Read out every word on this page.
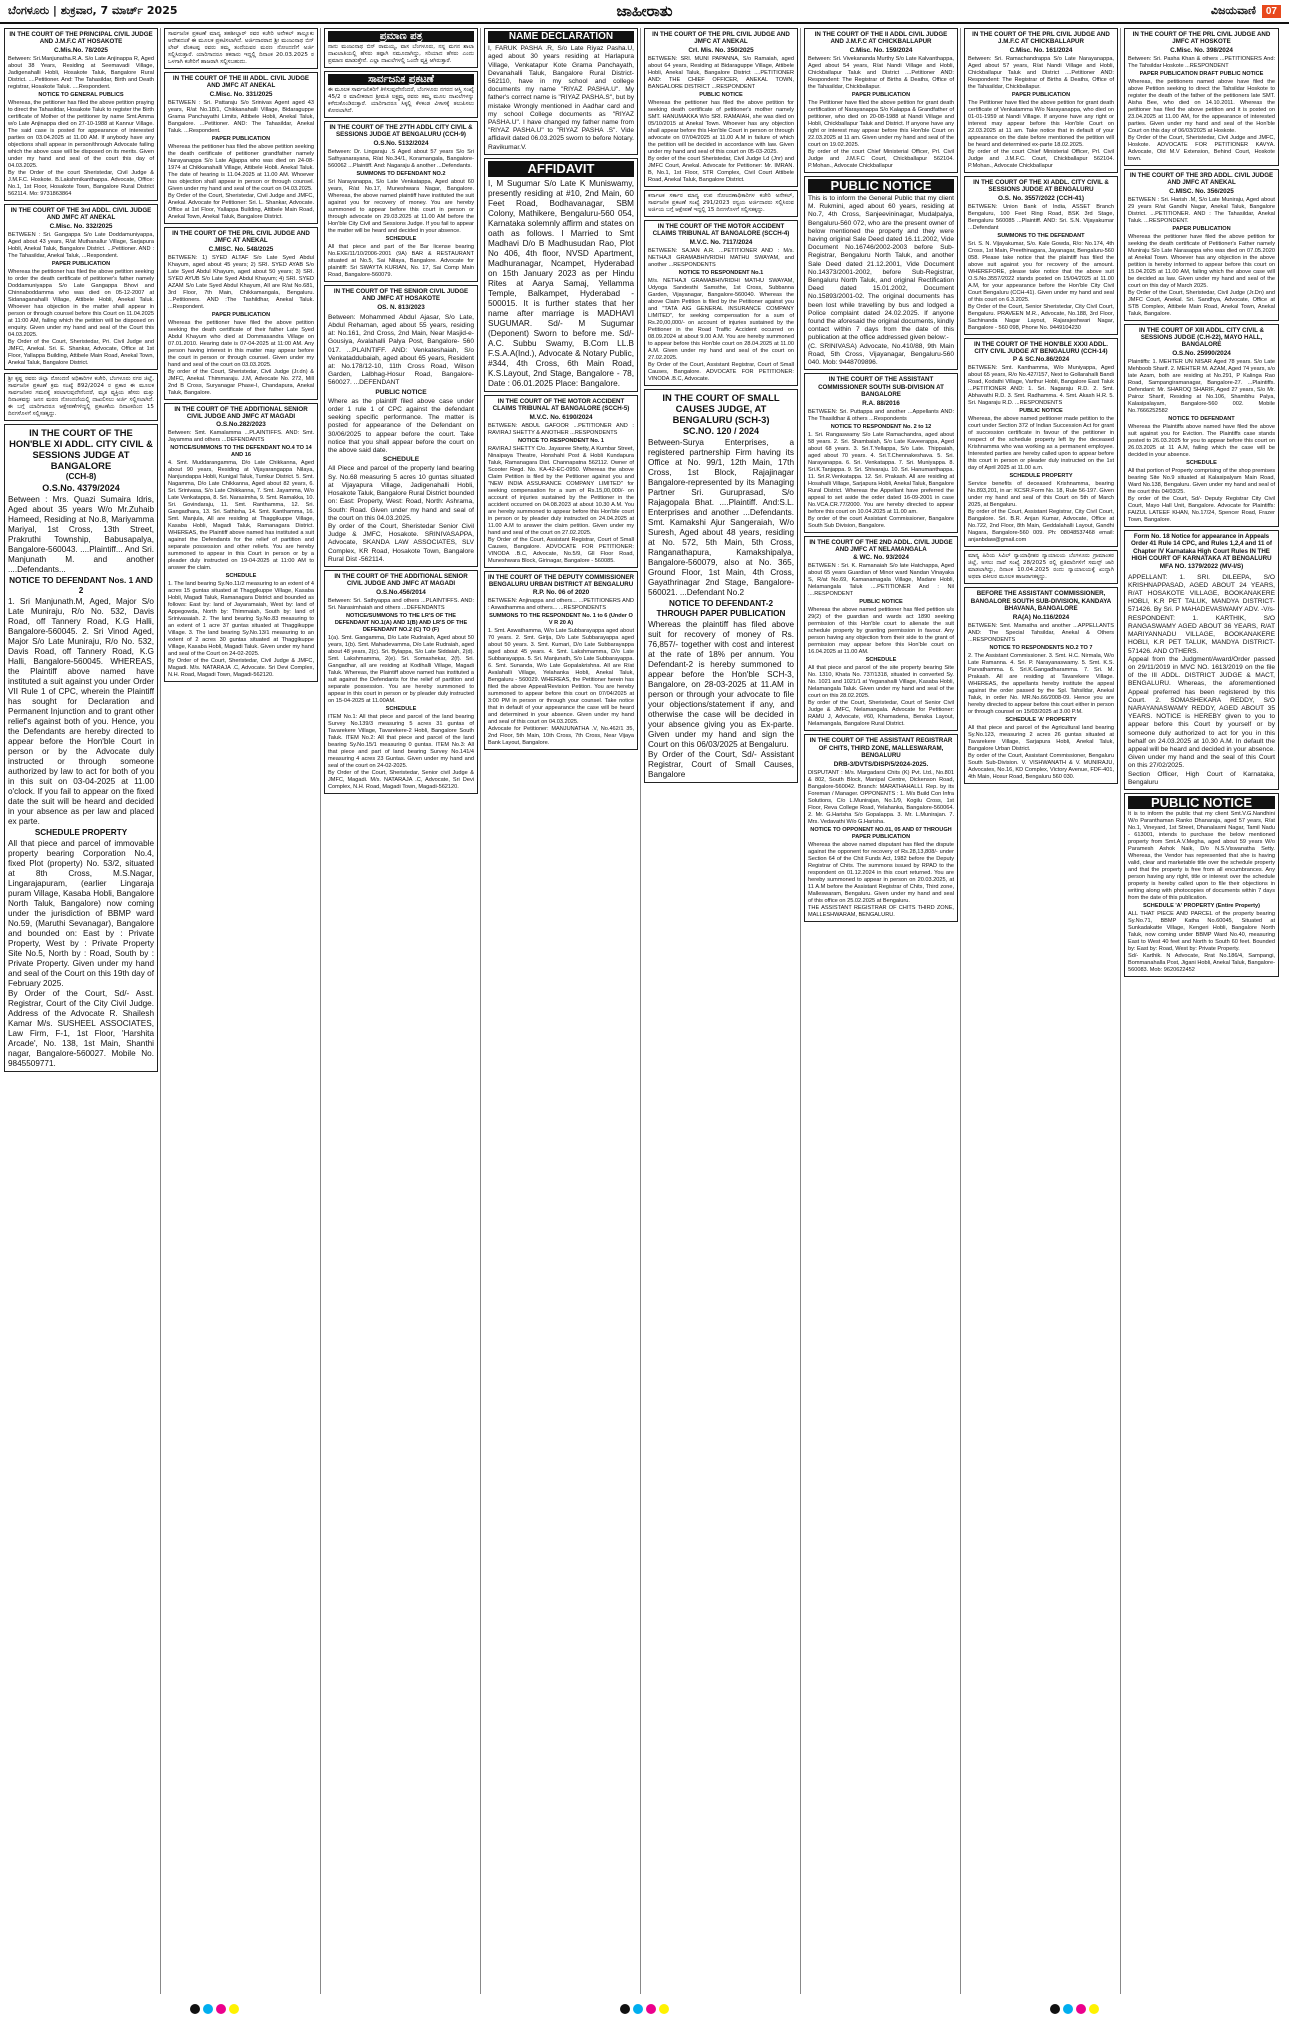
ಬೆಂಗಳೂರು | ಶುಕ್ರವಾರ, 7 ಮಾರ್ಚ್ 2025	ಜಾಹೀರಾತು	ವಿಜಯವಾಣಿ	07
IN THE COURT OF THE PRINCIPAL CIVIL JUDGE AND J.M.F.C AT HOSAKOTE
C.Mis.No. 78/2025

Between: Sri.Manjunatha.R.A. S/o Late Anjinappa R, Aged about 38 Years, Residing at Seemavadi Village, Jadigenahalli Hobli, Hosakote Taluk, Bangalore Rural District. ....Petitioner. And: The Tahasildar, Birth and Death registrar, Hosakote Taluk. ....Respondent.

NOTICE TO GENERAL PUBLICS

Whereas, the petitioner has filed the above petition praying to direct the Tahasildar, Hosakote Taluk to register the Birth certificate of Mother of the petitioner by name Smt.Amma w/o Late Anjinappa died on 27-10-1988 at Kannur Village. The said case is posted for appearance of interested parties on 03.04.2025 at 11.00 AM. If anybody have any objections shall appear in person/through Advocate failing which the above case will be disposed on its merits. Given under my hand and seal of the court this day of 04.03.2025.

By the Order of the court Sheristedar, Civil Judge & J.M.F.C. Hoskote. B.Lakshmikanthappa. Advocate, Office: No.1, 1st Floor, Hosakote Town, Bangalore Rural District 562114. Mo: 9731863864

IN THE COURT OF THE 3rd ADDL. CIVIL JUDGE AND JMFC AT ANEKAL
C.Misc. No. 332/2025

BETWEEN : Sri. Gangappa S/o Late Doddamuniyappa, Aged about 43 years, R/at Muthanallur Village, Sarjapura Hobli, Anekal Taluk, Bangalore District. ...Petitioner. AND : The Tahasildar, Anekal Taluk, ...Respondent.

PAPER PUBLICATION

Whereas the petitioner has filed the above petition seeking to order the death certificate of petitioner's father namely Doddamuniyappa S/o Late Gangappa Bhovi and Chinnaboddamma who was died on 05-12-2007 at Sidanaganahalli Village, Attibele Hobli, Anekal Taluk. Whoever has objection in the matter shall appear in person or through counsel before this Court on 11.04.2025 at 11:00 AM, failing which the petition will be disposed on enquiry. Given under my hand and seal of the Court this 04.03.2025.

By Order of the Court, Sheristedar, Pri. Civil Judge and JMFC, Anekal. Sri. E. Shankar, Advocate, Office at 1st Floor, Yallappa Building, Attibele Main Road, Anekal Town, Anekal Taluk, Bangalore District.

ಶ್ರೀ ಕೃಷ್ಣ ರವರು ಜಿಲ್ಲಾ ನೋಂದಣಿ ಅಧಿಕಾರಿಗಳ ಕಚೇರಿ, ಬೆಂಗಳೂರು ನಗರ ಜಿಲ್ಲೆ, ಸಾರ್ವಜನಿಕ ಪ್ರಕಟಣೆ ಕ್ರಮ ಸಂಖ್ಯೆ 892/2024 ರ ಪ್ರಕಾರ ಈ ಮೂಲಕ ಸಾರ್ವಜನಿಕರ ಗಮನಕ್ಕೆ ತರಲಾಗುವುದೇನೆಂದರೆ, ಮೃತ ವ್ಯಕ್ತಿಯ ಹೆಸರು ಮತ್ತು ದಿನಾಂಕವನ್ನು ಜನನ ಮರಣ ನೋಂದಣಿಯಲ್ಲಿ ದಾಖಲಿಸಲು ಅರ್ಜಿ ಸಲ್ಲಿಸಲಾಗಿದೆ. ಈ ಬಗ್ಗೆ ಯಾರಿಗಾದರೂ ಆಕ್ಷೇಪಣೆಗಳಿದ್ದಲ್ಲಿ ಪ್ರಕಟಣೆಯ ದಿನಾಂಕದಿಂದ 15 ದಿನಗಳೊಳಗೆ ಸಲ್ಲಿಸತಕ್ಕದ್ದು.

IN THE COURT OF THE HON'BLE XI ADDL. CITY CIVIL & SESSIONS JUDGE AT BANGALORE
(CCH-8)
O.S.No. 4379/2024

Between : Mrs. Quazi Sumaira Idris, Aged about 35 years W/o Mr.Zuhaib Hameed, Residing at No.8, Mariyamma Mariyal, 1st Cross, 13th Street, Prakruthi Township, Babusapalya, Bangalore-560043. ....Plaintiff... And Sri. Manjunath M. and another ....Defendants...

NOTICE TO DEFENDANT Nos. 1 AND 2

1. Sri Manjunath.M, Aged, Major S/o Late Muniraju, R/o No. 532, Davis Road, off Tannery Road, K.G Halli, Bangalore-560045. 2. Sri Vinod Aged, Major S/o Late Muniraju, R/o No. 532, Davis Road, off Tannery Road, K.G Halli, Bangalore-560045. WHEREAS, the Plaintiff above named have instituted a suit against you under Order VII Rule 1 of CPC, wherein the Plaintiff has sought for Declaration and Permanent Injunction and to grant other relief's against both of you. Hence, you the Defendants are hereby directed to appear before the Hon'ble Court in person or by the Advocate duly instructed or through someone authorized by law to act for both of you in this suit on 03-04-2025 at 11.00 o'clock. If you fail to appear on the fixed date the suit will be heard and decided in your absence as per law and placed ex parte.

SCHEDULE PROPERTY

All that piece and parcel of immovable property bearing Corporation No.4, fixed Plot (property) No. 53/2, situated at 8th Cross, M.S.Nagar, Lingarajapuram, (earlier Lingaraja puram Village, Kasaba Hobli, Bangalore North Taluk, Bangalore) now coming under the jurisdiction of BBMP ward No.59, (Maruthi Sevanagar), Bangalore and bounded on: East by : Private Property, West by : Private Property Site No.5, North by : Road, South by : Private Property. Given under my hand and seal of the Court on this 19th day of February 2025.

By Order of the Court, Sd/- Asst. Registrar, Court of the City Civil Judge. Address of the Advocate R. Shailesh Kamar M/s. SUSHEEL ASSOCIATES, Law Firm, F-1, 1st Floor, 'Harshita Arcade', No. 138, 1st Main, Shanthi nagar, Bangalore-560027. Mobile No. 9845509771.

ಸಾರ್ವಜನಿಕ ಪ್ರಕಟಣೆ ಮಾನ್ಯ ತಹಶೀಲ್ದಾರ್ ರವರ ಕಚೇರಿ ಅನೇಕಲ್ ತಾಲ್ಲೂಕು ಆದೇಶದಂತೆ ಈ ಮೂಲಕ ಪ್ರಕಟಿಸಲಾಗಿದೆ. ಅರ್ಜಿದಾರರಾದ ಶ್ರೀ ಮಂಜುನಾಥ ಬಿನ್ ಲೇಟ್ ವೆಂಕಟಪ್ಪ ರವರು ತಮ್ಮ ತಂದೆಯವರ ಮರಣ ನೋಂದಣಿಗೆ ಅರ್ಜಿ ಸಲ್ಲಿಸಿರುತ್ತಾರೆ. ಯಾರಿಗಾದರೂ ತಕರಾರು ಇದ್ದಲ್ಲಿ ದಿನಾಂಕ 20.03.2025 ರ ಒಳಗಾಗಿ ಕಚೇರಿಗೆ ಹಾಜರಾಗಿ ಸಲ್ಲಿಸಬಹುದು.

IN THE COURT OF THE III ADDL. CIVIL JUDGE AND JMFC AT ANEKAL
C.Misc. No. 331/2025

BETWEEN : Sri. Pattaraju S/o Srinivas Agent aged 43 years, R/at No.18/1, Chikkanahalli Village, Bidaraguppe Grama Panchayathi Limits, Attibele Hobli, Anekal Taluk, Bangalore. ...Petitioner. AND: The Tahasildar, Anekal Taluk. ...Respondent.

PAPER PUBLICATION

Whereas the petitioner has filed the above petition seeking the death certificate of petitioner grandfather namely Narayanappa S/o Late Ajjappa who was died on 24-08-1974 at Chikkanahalli Village, Attibele Hobli. Anekal Taluk. The date of hearing is 11.04.2025 at 11.00 AM. Whoever has objection shall appear in person or through counsel. Given under my hand and seal of the court on 04.03.2025.

By Order of the Court, Sheristedar, Civil Judge and JMFC, Anekal. Advocate for Petitioner: Sri. L. Shankar, Advocate. Office at 1st Floor, Yallappa Building, Attibele Main Road, Anekal Town, Anekal Taluk, Bangalore District.

IN THE COURT OF THE PRL CIVIL JUDGE AND JMFC AT ANEKAL
C.MISC. No. 548/2025

BETWEEN: 1) SYED ALTAF S/o Late Syed Abdul Khayum, aged about 45 years; 2) SRI. SYED AYAB S/o Late Syed Abdul Khayum, aged about 50 years; 3) SRI. SYED AYUB S/o Late Syed Abdul Khayum; 4) SRI. SYED AZAM S/o Late Syed Abdul Khayum, All are R/at No.681, 3rd Floor, 7th Main, Chikkamangala, Bengaluru. ...Petitioners. AND :The Tashildhar, Anekal Taluk. ...Respondent.

PAPER PUBLICATION

Whereas the petitioner have filed the above petition seeking the death certificate of their father Late Syed Abdul Khayum who died at Dommasandra Village on 07.01.2010. Hearing date is 07-04-2025 at 11:00 AM. Any person having interest in this matter may appear before the court in person or through counsel. Given under my hand and seal of the court on 03.03.2025.

By order of the Court, Sheristedar, Civil Judge (Jr.dn) & JMFC, Anekal. Thimmaraju. J.M, Advocate No. 272, Mill 2nd B Cross, Suryanagar Phase-I, Chandapura, Anekal Taluk, Bangalore.

IN THE COURT OF THE ADDITIONAL SENIOR CIVIL JUDGE AND JMFC AT MAGADI
O.S.No.282/2023

Between: Smt. Kamalamma ...PLAINTIFFS. AND: Smt. Jayamma and others ...DEFENDANTS

NOTICE/SUMMONS TO THE DEFENDANT NO.4 TO 14 AND 16

4. Smt. Muddarangamma, D/o Late Chikkanna, Aged about 90 years, Residing at Vijayarangappa Nilaya, Nanjundappa Hobli, Kunigal Taluk, Tumkur District. 5. Smt. Nagamma, D/o Late Chikkanna, Aged about 82 years, 6. Sri. Srinivasa, S/o Late Chikkanna, 7. Smt. Jayamma, W/o Late Venkatappa, 8. Sri. Narasimha, 9. Smt. Ramakka, 10. Sri. Govindaraju, 11. Smt. Ranthamma, 12. Sri. Gangadhara, 13. Sri. Sathisha, 14. Smt. Kanthamma, 16. Smt. Manjula, All are residing at Thaggikuppe Village, Kasaba Hobli, Magadi Taluk, Ramanagara District. WHEREAS, the Plaintiff above named has instituted a suit against the Defendants for the relief of partition and separate possession and other reliefs. You are hereby summoned to appear in this Court in person or by a pleader duly instructed on 19-04-2025 at 11:00 AM to answer the claim.

SCHEDULE

1. The land bearing Sy.No.11/2 measuring to an extent of 4 acres 15 guntas situated at Thaggikuppe Village, Kasaba Hobli, Magadi Taluk, Ramanagara District and bounded as follows: East by: land of Jayaramaiah, West by: land of Appegowda, North by: Thimmaiah, South by: land of Srinivasaiah. 2. The land bearing Sy.No.83 measuring to an extent of 1 acre 37 guntas situated at Thaggikuppe Village. 3. The land bearing Sy.No.13/1 measuring to an extent of 2 acres 30 guntas situated at Thaggikuppe Village, Kasaba Hobli, Magadi Taluk. Given under my hand and seal of the Court on 24-02-2025.

By Order of the Court, Sheristedar, Civil Judge & JMFC, Magadi. M/s. NATARAJA .C, Advocate. Sri Devi Complex, N.H. Road, Magadi Town, Magadi-562120.

ಪ್ರಮಾಣ ಪತ್ರ

ನಾನು ಮಂಜುನಾಥ ಬಿನ್ ರಾಮಯ್ಯ, ವಾಸ ಬೆಂಗಳೂರು, ನನ್ನ ಮಗನ ಶಾಲಾ ದಾಖಲಾತಿಯಲ್ಲಿ ಹೆಸರು ತಪ್ಪಾಗಿ ನಮೂದಾಗಿದ್ದು, ಸರಿಯಾದ ಹೆಸರು ಎಂದು ಪ್ರಮಾಣ ಮಾಡುತ್ತೇನೆ. ಎಲ್ಲಾ ದಾಖಲೆಗಳಲ್ಲಿ ಒಂದೇ ವ್ಯಕ್ತಿ ಆಗಿರುತ್ತಾರೆ.

ಸಾರ್ವಜನಿಕ ಪ್ರಕಟಣೆ

ಈ ಮೂಲಕ ಸಾರ್ವಜನಿಕರಿಗೆ ತಿಳಿಸುವುದೇನೆಂದರೆ, ಬೆಂಗಳೂರು ನಗರದ ಆಸ್ತಿ ಸಂಖ್ಯೆ 45/2 ರ ಮಾಲೀಕರಾದ ಶ್ರೀಮತಿ ಲಕ್ಷ್ಮಮ್ಮ ರವರು ತಮ್ಮ ಮೂಲ ದಾಖಲೆಗಳನ್ನು ಕಳೆದುಕೊಂಡಿರುತ್ತಾರೆ. ಯಾರಿಗಾದರೂ ಸಿಕ್ಕಲ್ಲಿ ಕೆಳಕಂಡ ವಿಳಾಸಕ್ಕೆ ತಲುಪಿಸಲು ಕೋರಲಾಗಿದೆ.

IN THE COURT OF THE 27TH ADDL CITY CIVIL & SESSIONS JUDGE AT BENGALURU (CCH-9)
O.S.No. 5132/2024

Between: Dr. Lingaraju .S Aged about 57 years S/o Sri Sathyanarayana, R/at No.34/1, Koramangala, Bangalore-560062 ...Plaintiff. And: Nagaraju & another ...Defendants.

SUMMONS TO DEFENDANT NO.2

Sri Narayanappa, S/o Late Venkatappa, Aged about 60 years, R/at No.17, Muneshwara Nagar, Bangalore. Whereas, the above named plaintiff have instituted the suit against you for recovery of money. You are hereby summoned to appear before this court in person or through advocate on 29.03.2025 at 11.00 AM before the Hon'ble City Civil and Sessions Judge. If you fail to appear the matter will be heard and decided in your absence.

SCHEDULE

All that piece and part of the Bar license bearing No.EXE/11/10/2006-2001 (9A) BAR & RESTAURANT situated at No.5, Sai Nilaya, Bangalore. Advocate for plaintiff: Sri SWAYTA KURIAN, No. 17, Sai Comp Main Road, Bangalore-560079.

IN THE COURT OF THE SENIOR CIVIL JUDGE AND JMFC AT HOSAKOTE
OS. N. 813/2023

Between: Mohammed Abdul Ajasar, S/o Late, Abdul Rehaman, aged about 55 years, residing at: No.161, 2nd Cross, 2nd Main, Near Masjid-e-Gousiya, Avalahalli Palya Post, Bangalore- 560 017. ...PLAINTIFF. AND: Venkateshaiah, S/o Venkataddubaiah, aged about 65 years, Resident at: No.178/12-10, 11th Cross Road, Wilson Garden, Lalbhag-Hosur Road, Bangalore- 560027. ...DEFENDANT

PUBLIC NOTICE

Where as the plaintiff filed above case under order 1 rule 1 of CPC against the defendant seeking specific performance. The matter is posted for appearance of the Defendant on 30/06/2025 to appear before the court. Take notice that you shall appear before the court on the above said date.

SCHEDULE

All Piece and parcel of the property land bearing Sy. No.68 measuring 5 acres 10 guntas situated at Vijayapura Village, Jadigenahalli Hobli, Hosakote Taluk, Bangalore Rural District bounded on: East: Property, West: Road, North: Ashrama, South: Road. Given under my hand and seal of the court on this 04.03.2025.

By order of the Court, Sheristedar Senior Civil Judge & JMFC, Hosakote. SRINIVASAPPA, Advocate, SKANDA LAW ASSOCIATES, SLV Complex, KR Road, Hosakote Town, Bangalore Rural Dist -562114.

IN THE COURT OF THE ADDITIONAL SENIOR CIVIL JUDGE AND JMFC AT MAGADI
O.S.No.456/2014

Between: Sri. Sathyappa and others ...PLAINTIFFS. AND: Sri. Narasimhaiah and others ...DEFENDANTS

NOTICE/SUMMONS TO THE LR'S OF THE DEFENDANT NO.1(A) AND 1(B) AND LR'S OF THE DEFENDANT NO.2 (C) TO (F)

1(a). Smt. Gangamma, D/o Late Rudraiah, Aged about 50 years, 1(b). Smt. Mahadevamma, D/o Late Rudraiah, aged about 48 years, 2(c). Sri. Bylappa, S/o Late Siddaiah, 2(d). Smt. Lakshmamma, 2(e). Sri. Somashekar, 2(f). Sri. Gangadhar, all are residing at Kodihalli Village, Magadi Taluk. Whereas, the Plaintiff above named has instituted a suit against the Defendants for the relief of partition and separate possession. You are hereby summoned to appear in this court in person or by pleader duly instructed on 15-04-2025 at 11.00AM.

SCHEDULE

ITEM No.1: All that piece and parcel of the land bearing Survey No.139/3 measuring 5 acres 31 guntas of Tavarekere Village, Tavarekere-2 Hobli, Bangalore South Taluk. ITEM No.2: All that piece and parcel of the land bearing Sy.No.15/1 measuring 0 guntas. ITEM No.3: All that piece and part of land bearing Survey No.141/4 measuring 4 acres 23 Guntas. Given under my hand and seal of the court on 24-02-2025.

By Order of the Court, Sheristedar, Senior civil Judge & JMFC, Magadi. M/s. NATARAJA .C, Advocate, Sri Devi Complex, N.H. Road, Magadi Town, Magadi-562120.

NAME DECLARATION

I, FARUK PASHA .R, S/o Late Riyaz Pasha.U, aged about 30 years residing at Harlapura Village, Venkatapur Kote Grama Panchayath, Devanahalli Taluk, Bangalore Rural District-562110, have in my school and college documents my name "RIYAZ PASHA.U". My father's correct name is "RIYAZ PASHA.S", but by mistake Wrongly mentioned in Aadhar card and my school College documents as "RIYAZ PASHA.U". I have changed my father name from "RIYAZ PASHA.U" to "RIYAZ PASHA .S". Vide affidavit dated 06.03.2025 sworn to before Notary. Ravikumar.V.

AFFIDAVIT

I, M Sugumar S/o Late K Muniswamy, presently residing at #10, 2nd Main, 60 Feet Road, Bodhavanagar, SBM Colony, Mathikere, Bengaluru-560 054, Karnataka solemnly affirm and states on oath as follows. I Married to Smt Madhavi D/o B Madhusudan Rao, Plot No 406, 4th floor, NVSD Apartment, Madhuranagar, Ncampet, Hyderabad on 15th January 2023 as per Hindu Rites at Aarya Samaj, Yellamma Temple, Balkampet, Hyderabad - 500015. It is further states that her name after marriage is MADHAVI SUGUMAR. Sd/- M Sugumar (Deponent) Sworn to before me. Sd/- A.C. Subbu Swamy, B.Com LL.B F.S.A.A(Ind.), Advocate & Notary Public, #344, 4th Cross, 6th Main Road, K.S.Layout, 2nd Stage, Bangalore - 78, Date : 06.01.2025 Place: Bangalore.

IN THE COURT OF THE MOTOR ACCIDENT CLAIMS TRIBUNAL AT BANGALORE (SCCH-5)
M.V.C. No. 6190/2024

BETWEEN: ABDUL GAFOOR ...PETITIONER AND : RAVIRAJ SHETTY & ANOTHER ...RESPONDENTS

NOTICE TO RESPONDENT No. 1

RAVIRAJ SHETTY C/o. Jayasree Shetty, A Kumbar Street, Ninaipaya Theatre, Honshahi Post & Hobli Kundapura Taluk, Ramanagara Dist. Channapatna 562112. Owner of Scooter Regd. No. KA-42-EC-0950. Whereas the above Claim Petition is filed by the Petitioner against you and "NEW INDIA ASSURANCE COMPANY LIMITED" for seeking compensation for a sum of Rs.15,00,000/- on account of injuries sustained by the Petitioner in the accident occurred on 04.08.2023 at about 10.30 A.M. You are hereby summoned to appear before this Hon'ble court in person or by pleader duly instructed on 24.04.2025 at 11.00 A.M to answer the claim petition. Given under my hand and seal of the court on 27.02.2025.

By Order of the Court, Assistant Registrar, Court of Small Causes, Bangalore. ADVOCATE FOR PETITIONER: VINODA .B.C, Advocate, No.5/9, Gll Floor Road, Muneshwara Block, Girinagar, Bangalore - 560085.

IN THE COURT OF THE DEPUTY COMMISSIONER BENGALURU URBAN DISTRICT AT BENGALURU
R.P. No. 06 of 2020

BETWEEN: Anjinappa and others... ...PETITIONERS AND : Aswathamma and others... ...RESPONDENTS

SUMMONS TO THE RESPONDENT No. 1 to 6 (Under O V R 20 A)

1. Smt. Aswathamma, W/o Late Subbarayappa aged about 70 years. 2. Smt. Girija, D/o Late Subbarayappa aged about 50 years. 3. Smt. Kumari, D/o Late Subbarayappa aged about 45 years. 4. Smt. Lakshmamma, D/o Late Subbarayappa. 5. Sri. Manjunath, S/o Late Subbarayappa. 6. Smt. Sunanda, W/o Late Gopalakrishna. All are R/at Avalahalli Village, Yelahanka Hobli, Anekal Taluk, Bengaluru - 560029. WHEREAS, the Petitioner herein has filed the above Appeal/Revision Petition. You are hereby summoned to appear before this court on 07/04/2025 at 3:00 PM in person or through your counsel. Take notice that in default of your appearance the case will be heard and determined in your absence. Given under my hand and seal of this court on 04.03.2025.

Advocate for Petitioner: MANJUNATHA .V, No.462/1 35, 2nd Floor, 5th Main, 10th Cross, 7th Cross, Near Vijaya Bank Layout, Bangalore.

IN THE COURT OF THE PRL CIVIL JUDGE AND JMFC AT ANEKAL
Crl. Mis. No. 350/2025

BETWEEN: SRI. MUNI PAPANNA, S/o Ramaiah, aged about 64 years, Residing at Bidaraguppe Village, Attibele Hobli, Anekal Taluk, Bangalore District ....PETITIONER AND: THE CHIEF OFFICER, ANEKAL TOWN, BANGALORE DISTRICT ...RESPONDENT

PUBLIC NOTICE

Whereas the petitioner has filed the above petition for seeking death certificate of petitioner's mother namely SMT. HANUMAKKA W/o SRI. RAMAIAH, she was died on 05/10/2015 at Anekal Town. Whoever has any objection shall appear before this Hon'ble Court in person or through advocate on 07/04/2025 at 11.00 A.M in failure of which the petition will be decided in accordance with law. Given under my hand and seal of this court on 05-03-2025.

By order of the court Sheristedar, Civil Judge Ld (Jnr) and JMFC Court, Anekal. Advocate for Petitioner: Mr. IMRAN. B, No.1, 1st Floor, STR Complex, Civil Court Attibele Road, Anekal Taluk, Bangalore District.

ಕರ್ನಾಟಕ ಸರ್ಕಾರ ಮಾನ್ಯ ಉಪ ನೋಂದಣಾಧಿಕಾರಿಗಳ ಕಚೇರಿ ಅನೇಕಲ್, ಸಾರ್ವಜನಿಕ ಪ್ರಕಟಣೆ ಸಂಖ್ಯೆ 291/2023 ರನ್ವಯ ಅರ್ಜಿದಾರರು ಸಲ್ಲಿಸಿರುವ ಅರ್ಜಿಯ ಬಗ್ಗೆ ಆಕ್ಷೇಪಣೆ ಇದ್ದಲ್ಲಿ 15 ದಿನಗಳೊಳಗೆ ಸಲ್ಲಿಸತಕ್ಕದ್ದು.

IN THE COURT OF THE MOTOR ACCIDENT CLAIMS TRIBUNAL AT BANGALORE (SCCH-4)
M.V.C. No. 7117/2024

BETWEEN: SAJAN A.R. ...PETITIONER AND : M/s. NETHAJI GRAMABHIVRIDHI MATHU SWAYAM, and another ...RESPONDENTS

NOTICE TO RESPONDENT No.1

M/s. NETHAJI GRAMABHIVRIDHI MATHU SWAYAM, Udyoga Sandesthi Samsthe, 1st Cross, Subbanna Garden, Vijayanagar, Bangalore-560040. Whereas the above Claim Petition is filed by the Petitioner against you and "TATA AIG GENERAL INSURANCE COMPANY LIMITED", for seeking compensation for a sum of Rs.20,00,000/- on account of injuries sustained by the Petitioner in the Road Traffic Accident occurred on 08.09.2024 at about 9.00 A.M. You are hereby summoned to appear before this Hon'ble court on 28.04.2025 at 11.00 A.M. Given under my hand and seal of the court on 27.02.2025.

By Order of the Court, Assistant Registrar, Court of Small Causes, Bangalore. ADVOCATE FOR PETITIONER: VINODA .B.C, Advocate.

IN THE COURT OF SMALL CAUSES JUDGE, AT BENGALURU (SCH-3)
SC.NO. 120 / 2024

Between-Surya Enterprises, a registered partnership Firm having its Office at No. 99/1, 12th Main, 17th Cross, 1st Block, Rajajinagar Bangalore-represented by its Managing Partner Sri. Guruprasad, S/o Rajagopala Bhat. ....Plaintiff. And:S.L. Enterprises and another ...Defendants. Smt. Kamakshi Ajur Sangeraiah, W/o Suresh, Aged about 48 years, residing at No. 572, 5th Main, 5th Cross, Ranganathapura, Kamakshipalya, Bangalore-560079, also at No. 365, Ground Floor, 1st Main, 4th Cross, Gayathrinagar 2nd Stage, Bangalore-560021. ...Defendant No.2

NOTICE TO DEFENDANT-2 THROUGH PAPER PUBLICATION

Whereas the plaintiff has filed above suit for recovery of money of Rs. 76,857/- together with cost and interest at the rate of 18% per annum. You Defendant-2 is hereby summoned to appear before the Hon'ble SCH-3, Bangalore, on 28-03-2025 at 11.AM in person or through your advocate to file your objections/statement if any, and otherwise the case will be decided in your absence giving you as Ex-parte. Given under my hand and sign the Court on this 06/03/2025 at Bengaluru.

By Order of the Court, Sd/- Assistant Registrar, Court of Small Causes, Bangalore

IN THE COURT OF THE II ADDL CIVIL JUDGE AND J.M.F.C AT CHICKBALLAPUR
C.Misc. No. 159/2024

Between: Sri. Vivekananda Murthy S/o Late Kalvanthappa, Aged about 54 years, R/at Nandi Village and Hobli, Chickballapur Taluk and District ....Petitioner AND: Respondent: The Registrar of Births & Deaths, Office of the Tahasildar, Chickballapur.

PAPER PUBLICATION

The Petitioner have filed the above petition for grant death certification of Narayanappa S/o Kalappa & Grandfather of petitioner, who died on 20-08-1988 at Nandi Village and Hobli, Chickballapur Taluk and District. If anyone have any right or interest may appear before this Hon'ble Court on 22.03.2025 at 11 am. Given under my hand and seal of the court on 19.02.2025.

By order of the court Chief Ministerial Officer, Prl. Civil Judge and J.M.F.C Court, Chickballapur 562104. P.Mohan., Advocate Chickballapur

PUBLIC NOTICE

This is to inform the General Public that my client M. Rukmini, aged about 60 years, residing at No.7, 4th Cross, Sanjeevininagar, Mudalpalya, Bengaluru-560 072, who are the present owner of below mentioned the property and they were having original Sale Deed dated 16.11.2002, Vide Document No.16746/2002-2003 before Sub-Registrar, Bengaluru North Taluk, and another Sale Deed dated 21.12.2001, Vide Document No.14373/2001-2002, before Sub-Registrar, Bengaluru North Taluk, and original Rectification Deed dated 15.01.2002, Document No.15893/2001-02. The original documents has been lost while travelling by bus and lodged a Police complaint dated 24.02.2025. If anyone found the aforesaid the original documents, kindly contact within 7 days from the date of this publication at the office addressed given below:-

(C. SRINIVASA) Advocate, No.410/88, 9th Main Road, 5th Cross, Vijayanagar, Bengaluru-560 040. Mob: 9448709896.

IN THE COURT OF THE ASSISTANT COMMISSIONER SOUTH SUB-DIVISION AT BANGALORE
R.A. 88/2016

BETWEEN: Sri. Puttappa and another ...Appellants AND: The Thasildhar & others ...Respondents

NOTICE TO RESPONDENT No. 2 to 12

1. Sri. Rangaswamy S/o Late Ramachandra, aged about 58 years. 2. Sri. Shambaiah, S/o Late Kaveerappa, Aged about 68 years. 3. Sri.T.Yellappa, S/o Late. Thippaiah, aged about 70 years. 4. Sri.T.Chennakeshava. 5. Sri. Narayanappa. 6. Sri. Venkatappa. 7. Sri. Muniyappa. 8. Sri.K.Tanjappa. 9. Sri. Shivaraju. 10. Sri. Hanumanthappa. 11. Sri.R.Venkatappa. 12. Sri. Prakash. All are residing at Hosahalli Village, Sarjapura Hobli, Anekal Taluk, Bangalore Rural District. Whereas the Appellant have preferred the appeal to set aside the order dated 16-09-2001 in case No.VCA.CR.77/2000. You are hereby directed to appear before this court on 10.04.2025 at 11.00 am.

By order of the court Assistant Commissioner, Bangalore South Sub Division, Bangalore.

IN THE COURT OF THE 2ND ADDL. CIVIL JUDGE AND JMFC AT NELAMANGALA
& WC. No. 93/2024

BETWEEN : Sri. K. Ramanaiah S/o late Hatchappa, Aged about 65 years Guardian of Minor ward Nandan Vinayaka S, R/at No.69, Kamanamagala Village, Madare Hobli, Nelamangala Taluk ....PETITIONER And : Nil ....RESPONDENT

PUBLIC NOTICE

Whereas the above named petitioner has filed petition u/s 29(2) of the guardian and wards act 1890 seeking permission of this Hon'ble court to alienate the suit schedule property by granting permission in favour. Any person having any objection from their side to the grant of permission may appear before this Hon'ble court on 16.04.2025 at 11.00 AM.

SCHEDULE

All that piece and parcel of the site property bearing Site No. 1310, Khata No. 737/1318, situated in converted Sy. No. 1021 and 1021/1 at Yeganahalli Village, Kasaba Hobli, Nelamangala Taluk. Given under my hand and seal of the court on this 28.02.2025.

By order of the Court, Sheristedar, Court of Senior Civil Judge & JMFC, Nelamangala. Advocate for Petitioner: RAMU J, Advocate, #60, Khamadena, Benaka Layout, Nelamangala, Bangalore Rural District.

IN THE COURT OF THE ASSISTANT REGISTRAR OF CHITS, THIRD ZONE, MALLESWARAM, BENGALURU
DRB-3/DVTS/DISP/5/2024-2025.

DISPUTANT : M/s. Margadarsi Chits (K) Pvt. Ltd., No.801 & 802, South Block, Manipal Centre, Dickenson Road, Bangalore-560042. Branch: MARATHAHALLI. Rep. by its Foreman / Manager. OPPONENTS : 1. M/s Build Con Infra Solutions, C/o L.Munirajan, No.1/9, Kogilu Cross, 1st Floor, Reva College Road, Yelahanka, Bangalore-560064. 2. Mr. G.Harisha S/o Gopalappa. 3. Mr. L.Munirajan. 7. Mrs. Vedavathi W/o G.Harisha.

NOTICE TO OPPONENT NO.01, 05 AND 07 THROUGH PAPER PUBLICATION

Whereas the above named disputant has filed the dispute against the opponent for recovery of Rs.28,13,808/- under Section 64 of the Chit Funds Act, 1982 before the Deputy Registrar of Chits. The summons issued by RPAD to the respondent on 01.12.2024 in this court returned. You are hereby summoned to appear in person on 20.03.2025, at 11 A.M before the Assistant Registrar of Chits, Third zone, Malleswaram, Bengaluru. Given under my hand and seal of this office on 25.02.2025 at Bengaluru.

THE ASSISTANT REGISTRAR OF CHITS THIRD ZONE, MALLESHWARAM, BENGALURU.

IN THE COURT OF THE PRL CIVIL JUDGE AND J.M.F.C AT CHICKBALLAPUR
C.Misc. No. 161/2024

Between: Sri. Ramachandrappa S/o Late Narayanappa, Aged about 57 years, R/at Nandi Village and Hobli, Chickballapur Taluk and District ....Petitioner AND: Respondent: The Registrar of Births & Deaths, Office of the Tahasildar, Chickballapur.

PAPER PUBLICATION

The Petitioner have filed the above petition for grant death certificate of Venkatamma W/o Narayanappa, who died on 01-01-1959 at Nandi Village. If anyone have any right or interest may appear before this Hon'ble Court on 22.03.2025 at 11 am. Take notice that in default of your appearance on the date before mentioned the petition will be heard and determined ex-parte 18.02.2025.

By order of the court Chief Ministerial Officer, Prl. Civil Judge and J.M.F.C. Court, Chickballapur 562104. P.Mohan., Advocate Chickballapur

IN THE COURT OF THE XI ADDL. CITY CIVIL & SESSIONS JUDGE AT BENGALURU
O.S. No. 3557/2022 (CCH-41)

BETWEEN: Union Bank of India, ASSET Branch Bengaluru, 100 Feet Ring Road, BSK 3rd Stage, Bengaluru 560085 ...Plaintiff. AND: Sri. S.N. Vijayakumar ...Defendant

SUMMONS TO THE DEFENDANT

Sri. S. N. Vijayakumar, S/o. Kale Gowda, R/o: No.174, 4th Cross, 1st Main, Preethinagara, Jayanagar, Bengaluru-560 058. Please take notice that the plaintiff has filed the above suit against you for recovery of the amount. WHEREFORE, please take notice that the above suit O.S.No.3557/2022 stands posted on 15/04/2025 at 11.00 A.M, for your appearance before the Hon'ble City Civil Court Bengaluru (CCH-41). Given under my hand and seal of this court on 6.3.2025.

By Order of the Court, Senior Sheristedar, City Civil Court, Bengaluru. PRAVEEN M.R., Advocate, No.188, 3rd Floor, Sachinanda Nagar Layout, Rajarajeshwari Nagar, Bangalore - 560 098, Phone No. 9449104230

IN THE COURT OF THE HON'BLE XXXI ADDL. CITY CIVIL JUDGE AT BENGALURU (CCH-14)
P & SC.No.86/2024

BETWEEN: Smt. Kanthamma, W/o Muniyappa, Aged about 65 years, R/o No.427/157, Next to Gollarahalli Bandi Road, Kodathi Village, Varthur Hobli, Bangalore East Taluk ...PETITIONER AND: 1. Sri. Nagaraju R.D. 2. Smt. Abhavathi R.D. 3. Smt. Radhamma. 4. Smt. Akash H.R. 5. Sri. Nagaraju R.D. ...RESPONDENTS

PUBLIC NOTICE

Whereas, the above named petitioner made petition to the court under Section 372 of Indian Succession Act for grant of succession certificate in favour of the petitioner in respect of the schedule property left by the deceased Krishnamma who was working as a permanent employee. Interested parties are hereby called upon to appear before this court in person or pleader duly instructed on the 1st day of April 2025 at 11.00 a.m.

SCHEDULE PROPERTY

Service benefits of deceased Krishnamma, bearing No.893,201, in ar: KCSR.Form No. 18, Rule 56-197. Given under my hand and seal of this Court on 5th of March 2025, at Bengaluru.

By order of the Court, Assistant Registrar, City Civil Court, Bangalore. Sri. B.R. Anjan Kumar, Advocate, Office at No.722, 2nd Floor, 8th Main, Geddalahalli Layout, Gandhi Nagara, Bangalore-560 009. Ph: 08048537468 email: anjanbdaw@gmail.com

ಮಾನ್ಯ ಹಿರಿಯ ಸಿವಿಲ್ ನ್ಯಾಯಾಧೀಶರ ನ್ಯಾಯಾಲಯ ಬೆಂಗಳೂರು ಗ್ರಾಮಾಂತರ ಜಿಲ್ಲೆ, ಅಸಲು ದಾವೆ ಸಂಖ್ಯೆ 28/2025 ರಲ್ಲಿ ಪ್ರತಿವಾದಿಗಳಿಗೆ ಸಮನ್ಸ್ ಜಾರಿ ಮಾಡಲಾಗಿದ್ದು, ದಿನಾಂಕ 10.04.2025 ರಂದು ನ್ಯಾಯಾಲಯಕ್ಕೆ ಖುದ್ದಾಗಿ ಅಥವಾ ವಕೀಲರ ಮೂಲಕ ಹಾಜರಾಗತಕ್ಕದ್ದು.

BEFORE THE ASSISTANT COMMISSIONER, BANGALORE SOUTH SUB-DIVISION, KANDAYA BHAVANA, BANGALORE
RA(A) No.116/2024

BETWEEN: Smt. Mamatha and another ...APPELLANTS AND: The Special Tahsildar, Anekal & Others ...RESPONDENTS

NOTICE TO RESPONDENTS NO.2 TO 7

2. The Assistant Commissioner. 3. Smt. H.C. Nirmala, W/o Late Ramanna. 4. Sri. P. Narayanaswamy. 5. Smt. K.S. Parvathamma. 6. Sri.K.Gangadharamma. 7. Sri. M. Prakash. All are residing at Tavarekere Village. WHEREAS, the appellants hereby institute the appeal against the order passed by the Spl. Tahsildar, Anekal Taluk, in order No. MR.No.66/2008-09. Hence you are hereby directed to appear before this court either in person or through counsel on 15/03/2025 at 3.00 P.M.

SCHEDULE 'A' PROPERTY

All that piece and parcel of the Agricultural land bearing Sy.No.123, measuring 2 acres 26 guntas situated at Tavarekere Village, Sarjapura Hobli, Anekal Taluk, Bangalore Urban District.

By order of the Court, Assistant Commissioner, Bengaluru South Sub-Division. V. VISHWANATH & V. MUNIRAJU, Advocates, No.16, KD Complex, Victory Avenue, FDF-401, 4th Main, Hosur Road, Bengaluru 560 030.

IN THE COURT OF THE PRL CIVIL JUDGE AND JMFC AT HOSKOTE
C.Misc. No. 398/2024

Between: Sri. Pasha Khan & others ...PETITIONERS And: The Tahsildar Hoskote ...RESPONDENT

PAPER PUBLICATION DRAFT PUBLIC NOTICE

Whereas, the petitioners named above have filed the above Petition seeking to direct the Tahsildar Hoskote to register the death of the father of the petitioners late SMT. Aisha Bee, who died on 14.10.2011. Whereas the petitioner has filed the above petition and it is posted on 23.04.2025 at 11.00 AM, for the appearance of interested parties. Given under my hand and seal of the Hon'ble Court on this day of 06/03/2025 at Hoskote.

By Order of the Court, Sheristedar, Civil Judge and JMFC, Hoskote. ADVOCATE FOR PETITIONER KAVYA. Advocate, Old M.V Extension, Behind Court, Hoskote town.

IN THE COURT OF THE 3RD ADDL. CIVIL JUDGE AND JMFC AT ANEKAL
C.MISC. No. 356/2025

BETWEEN : Sri. Harish .M, S/o Late Muniraju, Aged about 29 years R/at Gandhi Nagar, Anekal Taluk, Bangalore District. ...PETITIONER. AND : The Tahasildar, Anekal Taluk. ...RESPONDENT.

PAPER PUBLICATION

Whereas the petitioner have filed the above petition for seeking the death certificate of Petitioner's Father namely Muniraju S/o Late Narasappa who was died on 07.05.2020 at Anekal Town. Whoever has any objection in the above petition is hereby informed to appear before this court on 15.04.2025 at 11.00 AM, failing which the above case will be decided as law. Given under my hand and seal of the court on this day of March 2025.

By Order of the Court, Sheristedar, Civil Judge (Jr.Dn) and JMFC Court, Anekal. Sri. Sandhya, Advocate, Office at STB Complex, Attibele Main Road, Anekal Town, Anekal Taluk, Bangalore.

IN THE COURT OF XIII ADDL. CITY CIVIL & SESSIONS JUDGE (C.H-22), MAYO HALL, BANGALORE
O.S.No. 25990/2024

Plaintiffs: 1. MEHTER UN NISAR Aged 78 years. S/o Late Mehboob Sharif. 2. MEHTER M. AZAM, Aged 74 years, s/o late Azam, both are residing at No.291, P Kalinga Rao Road, Sampangiramanagar, Bangalore-27. ...Plaintiffs. Defendant: Mr. SHAROQ SHARIF, Aged 27 years, S/o Mr. Pairoz Sharif, Residing at No.106, Shambhu Palya, Kalasipalayam, Bangalore-560 002. Mobile No.7666252582

NOTICE TO DEFENDANT

Whereas the Plaintiffs above named have filed the above suit against you for Eviction. The Plaintiffs case stands posted to 26.03.2025 for you to appear before this court on 26.03.2025 at 11 A.M, failing which the case will be decided in your absence.

SCHEDULE

All that portion of Property comprising of the shop premises bearing Site No.9 situated at Kalasipalyam Main Road, Ward No.138, Bengaluru. Given under my hand and seal of the court this 04/03/25.

By order of the Court, Sd/- Deputy Registrar City Civil Court, Mayo Hall Unit, Bangalore. Advocate for Plaintiffs: FAIZUL LATEEF KHAN, No.17/24, Spencer Road, Frazer Town, Bangalore.

Form No. 18 Notice for appearance in Appeals Order 41 Rule 14 CPC, and Rules 1,2,4 and 11 of Chapter IV Karnataka High Court Rules IN THE HIGH COURT OF KARNATAKA AT BENGALURU
MFA NO. 1379/2022 (MV-I/S)

APPELLANT: 1. SRI. DILEEPA, S/O KRISHNAPPASAD, AGED ABOUT 24 YEARS, R/AT HOSAKOTE VILLAGE, BOOKANAKERE HOBLI, K.R PET TALUK, MANDYA DISTRICT-571426. By Sri. P MAHADEVASWAMY ADV. -V/s- RESPONDENT: 1. KARTHIK, S/O RANGASWAMY AGED ABOUT 36 YEARS, R/AT MARIYANNADU VILLAGE, BOOKANAKERE HOBLI, K.R PET TALUK, MANDYA DISTRICT-571426. AND OTHERS.

Appeal from the Judgment/Award/Order passed on 29/11/2019 in MVC NO. 1613/2019 on the file of the III ADDL. DISTRICT JUDGE & MACT, BENGALURU. Whereas, the aforementioned Appeal preferred has been registered by this Court. 2. SOMASHEKARA REDDY, S/O NARAYANASWAMY REDDY, AGED ABOUT 35 YEARS. NOTICE is HEREBY given to you to appear before this Court by yourself or by someone duly authorized to act for you in this behalf on 24.03.2025 at 10.30 A.M. In default the appeal will be heard and decided in your absence. Given under my hand and the seal of this Court on this 27/02/2025.

Section Officer, High Court of Karnataka, Bengaluru

PUBLIC NOTICE

It is to inform the public that my client Smt.V.G.Nandhini W/o Paranthaman Ranko Dhanaraja, aged 57 years, R/at No.1, Vineyard, 1st Street, Dhanalaxmi Nagar, Tamil Nadu - 613001, intends to purchase the below mentioned property from Smt.A.V.Megha, aged about 59 years W/o Paramesh Ashok Naik, D/o N.S.Viswanatha Setty. Whereas, the Vendor has represented that she is having valid, clear and marketable title over the schedule property and that the property is free from all encumbrances. Any person having any right, title or interest over the schedule property is hereby called upon to file their objections in writing along with photocopies of documents within 7 days from the date of this publication.

SCHEDULE 'A' PROPERTY (Entire Property)

ALL THAT PIECE AND PARCEL of the property bearing Sy.No.71, BBMP Katha No.60045, Situated at Sunkadakatte Village, Kengeri Hobli, Bangalore North Taluk, now coming under BBMP Ward No.40, measuring East to West 40 feet and North to South 60 feet. Bounded by: East by: Road, West by: Private Property.

Sd/- Karthik. N Advocate, Rrat No.186/4, Sampangi, Bommanahalla Post, Jigani Hobli, Anekal Taluk, Bangalore-560083. Mob: 9620622452
